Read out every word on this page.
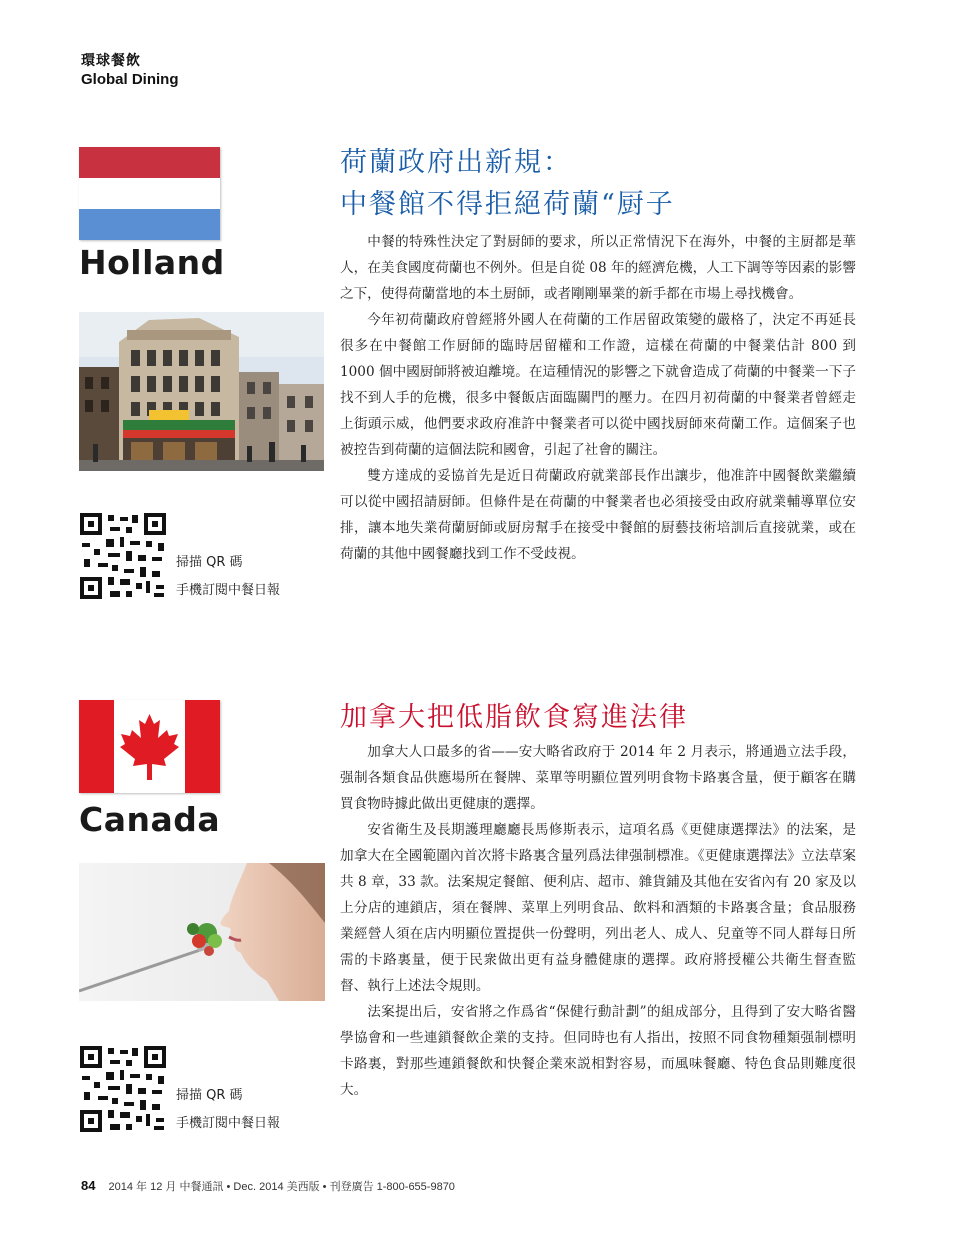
環球餐飲
Global Dining
Holland
掃描 QR 碼
手機訂閱中餐日報
荷蘭政府出新規：
中餐館不得拒絕荷蘭“厨子

中餐的特殊性決定了對厨師的要求，所以正常情況下在海外，中餐的主厨都是華人，在美食國度荷蘭也不例外。但是自從 08 年的經濟危機，人工下調等等因素的影響之下，使得荷蘭當地的本土厨師，或者剛剛畢業的新手都在市場上尋找機會。

今年初荷蘭政府曾經將外國人在荷蘭的工作居留政策變的嚴格了，決定不再延長很多在中餐館工作厨師的臨時居留權和工作證，這樣在荷蘭的中餐業估計 800 到 1000 個中國厨師將被迫離境。在這種情況的影響之下就會造成了荷蘭的中餐業一下子找不到人手的危機，很多中餐飯店面臨關門的壓力。在四月初荷蘭的中餐業者曾經走上街頭示威，他們要求政府准許中餐業者可以從中國找厨師來荷蘭工作。這個案子也被控告到荷蘭的這個法院和國會，引起了社會的關注。

雙方達成的妥協首先是近日荷蘭政府就業部長作出讓步，他准許中國餐飲業繼續可以從中國招請厨師。但條件是在荷蘭的中餐業者也必須接受由政府就業輔導單位安排，讓本地失業荷蘭厨師或厨房幫手在接受中餐館的厨藝技術培訓后直接就業，或在荷蘭的其他中國餐廳找到工作不受歧視。

Canada
掃描 QR 碼
手機訂閱中餐日報
加拿大把低脂飲食寫進法律

加拿大人口最多的省——安大略省政府于 2014 年 2 月表示，將通過立法手段，强制各類食品供應場所在餐牌、菜單等明顯位置列明食物卡路裏含量，便于顧客在購買食物時據此做出更健康的選擇。

安省衛生及長期護理廳廳長馬修斯表示，這項名爲《更健康選擇法》的法案，是加拿大在全國範圍內首次將卡路裏含量列爲法律强制標准。《更健康選擇法》立法草案共 8 章，33 款。法案規定餐館、便利店、超市、雜貨鋪及其他在安省內有 20 家及以上分店的連鎖店，須在餐牌、菜單上列明食品、飲料和酒類的卡路裏含量；食品服務業經營人須在店内明顯位置提供一份聲明，列出老人、成人、兒童等不同人群每日所需的卡路裏量，便于民衆做出更有益身體健康的選擇。政府將授權公共衛生督查監督、執行上述法令規則。

法案提出后，安省將之作爲省“保健行動計劃”的組成部分，且得到了安大略省醫學協會和一些連鎖餐飲企業的支持。但同時也有人指出，按照不同食物種類强制標明卡路裏，對那些連鎖餐飲和快餐企業來説相對容易，而風味餐廳、特色食品則難度很大。

84 2014 年 12 月 中餐通訊 • Dec. 2014 美西版 • 刊登廣告 1-800-655-9870
